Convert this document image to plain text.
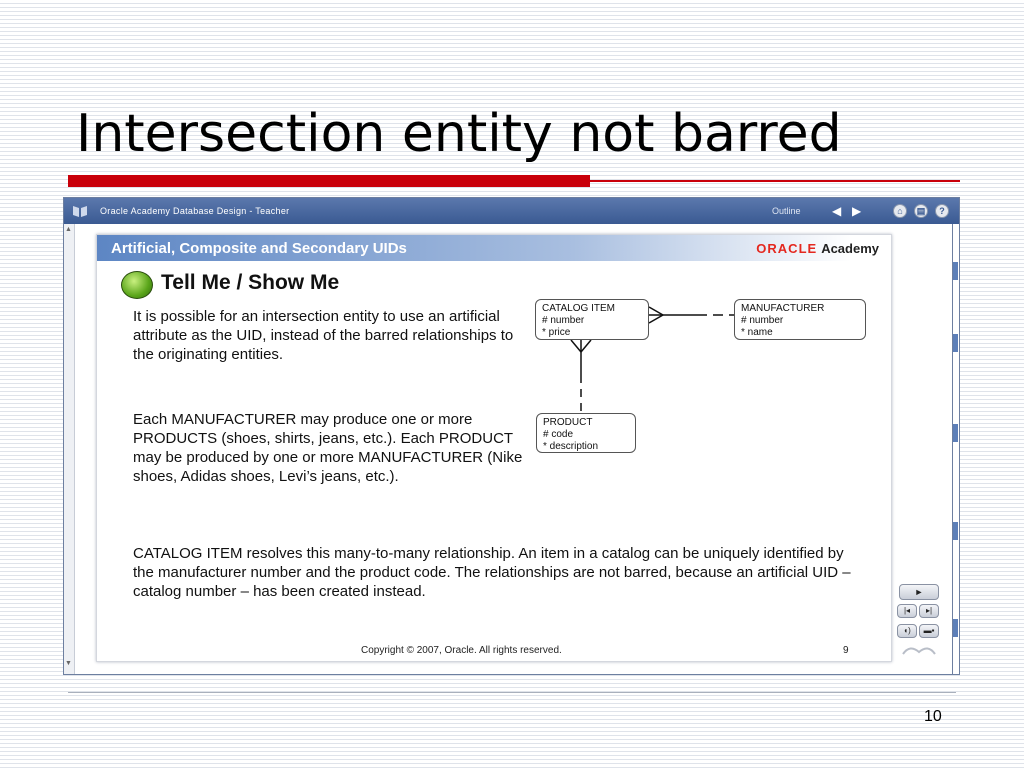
Intersection entity not barred
Oracle Academy Database Design - Teacher	Outline	◀ ▶	⌂	▤	?
▲
▼
Artificial, Composite and Secondary UIDs	ORACLE Academy
Tell Me / Show Me

It is possible for an intersection entity to use an artificial attribute as the UID, instead of the barred relationships to the originating entities.

Each MANUFACTURER may produce one or more PRODUCTS (shoes, shirts, jeans, etc.). Each PRODUCT may be produced by one or more MANUFACTURER (Nike shoes, Adidas shoes, Levi’s jeans, etc.).

CATALOG ITEM resolves this many-to-many relationship. An item in a catalog can be uniquely identified by the manufacturer number and the product code. The relationships are not barred, because an artificial UID – catalog number – has been created instead.

CATALOG ITEM
# number
* price
MANUFACTURER
# number
* name
PRODUCT
# code
* description
Copyright © 2007, Oracle. All rights reserved.	9
►
|◂	▸|
◖)	▬▪
10
